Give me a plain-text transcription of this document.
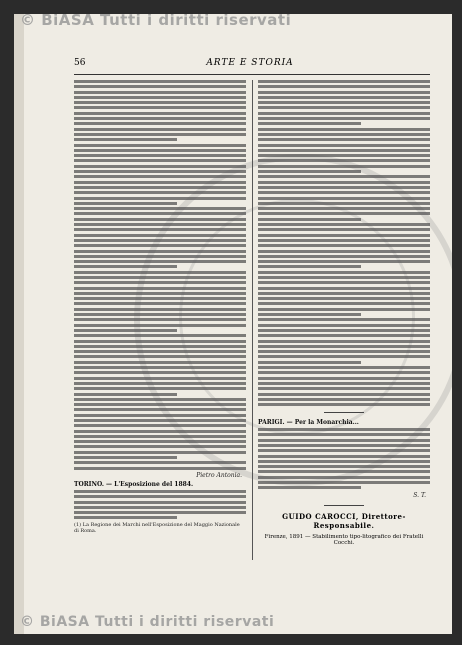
© BiASA Tutti i diritti riservati
56	ARTE E STORIA
Pietro Antonia.
TORINO. — L'Esposizione del 1884.
(1) La Regione dei Marchi nell'Esposizione del Maggio Nazionale di Roma.
PARIGI. — Per la Monarchia...
S. T.
GUIDO CAROCCI, Direttore-Responsabile.
Firenze, 1891 — Stabilimento tipo-litografico dei Fratelli Cocchi.
© BiASA Tutti i diritti riservati
